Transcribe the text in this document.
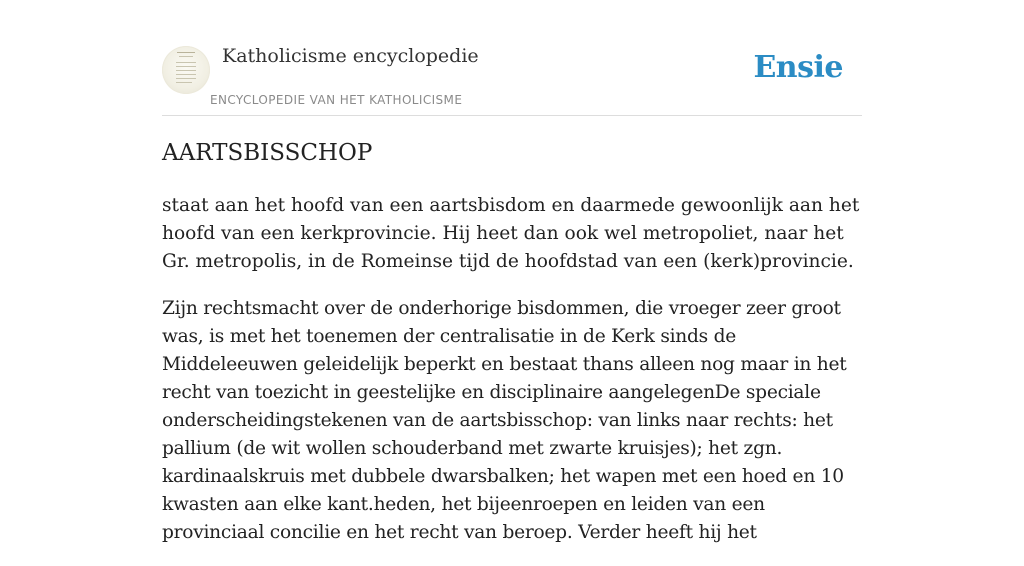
Katholicisme encyclopedie
ENCYCLOPEDIE VAN HET KATHOLICISME
Ensie
AARTSBISSCHOP

staat aan het hoofd van een aartsbisdom en daarmede gewoonlijk aan het hoofd van een kerkprovincie. Hij heet dan ook wel metropoliet, naar het Gr. metropolis, in de Romeinse tijd de hoofdstad van een (kerk)provincie.

Zijn rechtsmacht over de onderhorige bisdommen, die vroeger zeer groot was, is met het toenemen der centralisatie in de Kerk sinds de Middeleeuwen geleidelijk beperkt en bestaat thans alleen nog maar in het recht van toezicht in geestelijke en disciplinaire aangelegenDe speciale onderscheidingstekenen van de aartsbisschop: van links naar rechts: het pallium (de wit wollen schouderband met zwarte kruisjes); het zgn. kardinaalskruis met dubbele dwarsbalken; het wapen met een hoed en 10 kwasten aan elke kant.heden, het bijeenroepen en leiden van een provinciaal concilie en het recht van beroep. Verder heeft hij het
